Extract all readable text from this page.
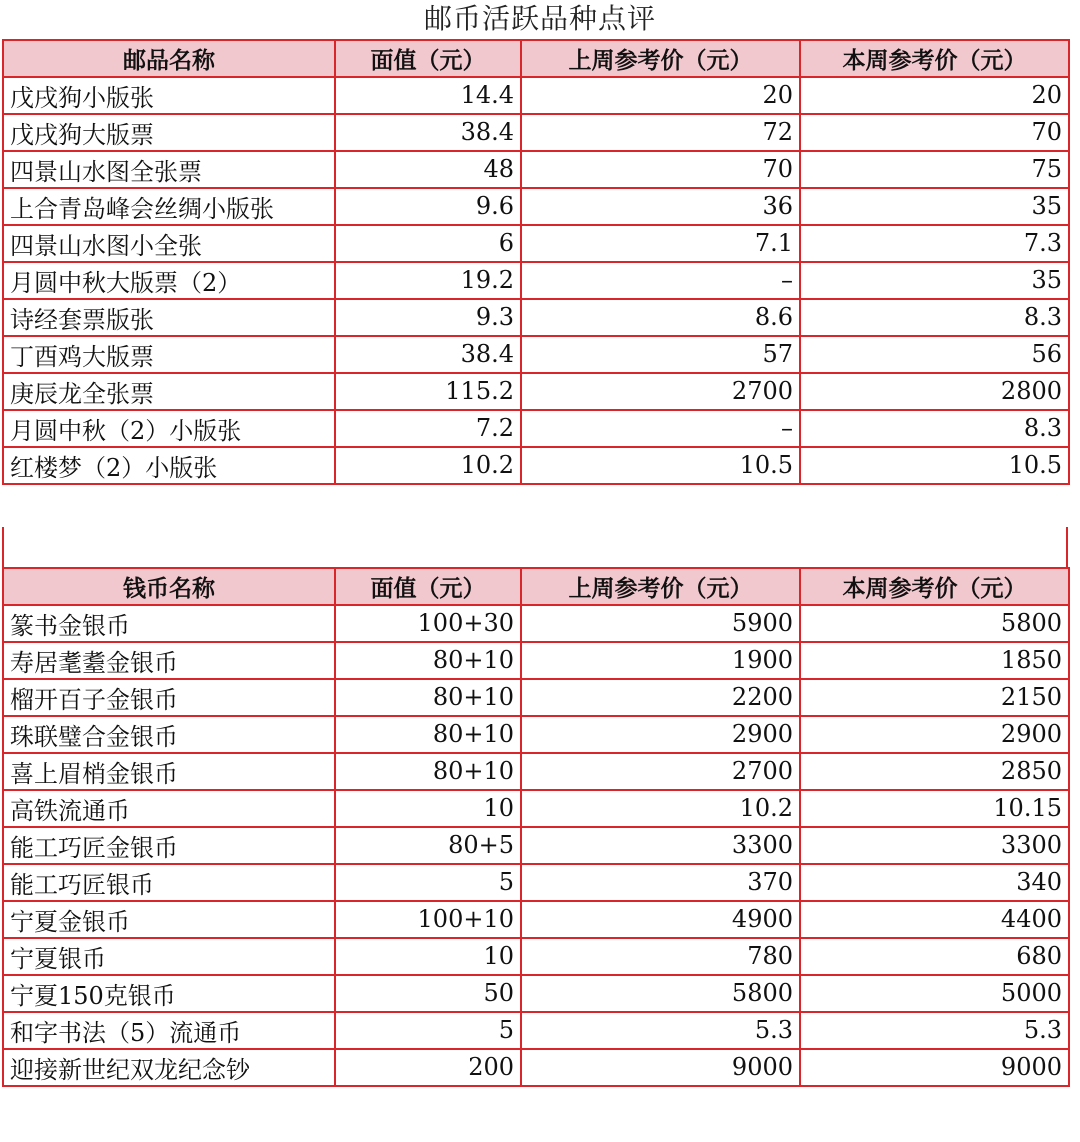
邮币活跃品种点评
邮品名称	面值（元）	上周参考价（元）	本周参考价（元）
戊戌狗小版张	14.4	20	20
戊戌狗大版票	38.4	72	70
四景山水图全张票	48	70	75
上合青岛峰会丝绸小版张	9.6	36	35
四景山水图小全张	6	7.1	7.3
月圆中秋大版票（2）	19.2	–	35
诗经套票版张	9.3	8.6	8.3
丁酉鸡大版票	38.4	57	56
庚辰龙全张票	115.2	2700	2800
月圆中秋（2）小版张	7.2	–	8.3
红楼梦（2）小版张	10.2	10.5	10.5
钱币名称	面值（元）	上周参考价（元）	本周参考价（元）
篆书金银币	100+30	5900	5800
寿居耄耋金银币	80+10	1900	1850
榴开百子金银币	80+10	2200	2150
珠联璧合金银币	80+10	2900	2900
喜上眉梢金银币	80+10	2700	2850
高铁流通币	10	10.2	10.15
能工巧匠金银币	80+5	3300	3300
能工巧匠银币	5	370	340
宁夏金银币	100+10	4900	4400
宁夏银币	10	780	680
宁夏150克银币	50	5800	5000
和字书法（5）流通币	5	5.3	5.3
迎接新世纪双龙纪念钞	200	9000	9000
